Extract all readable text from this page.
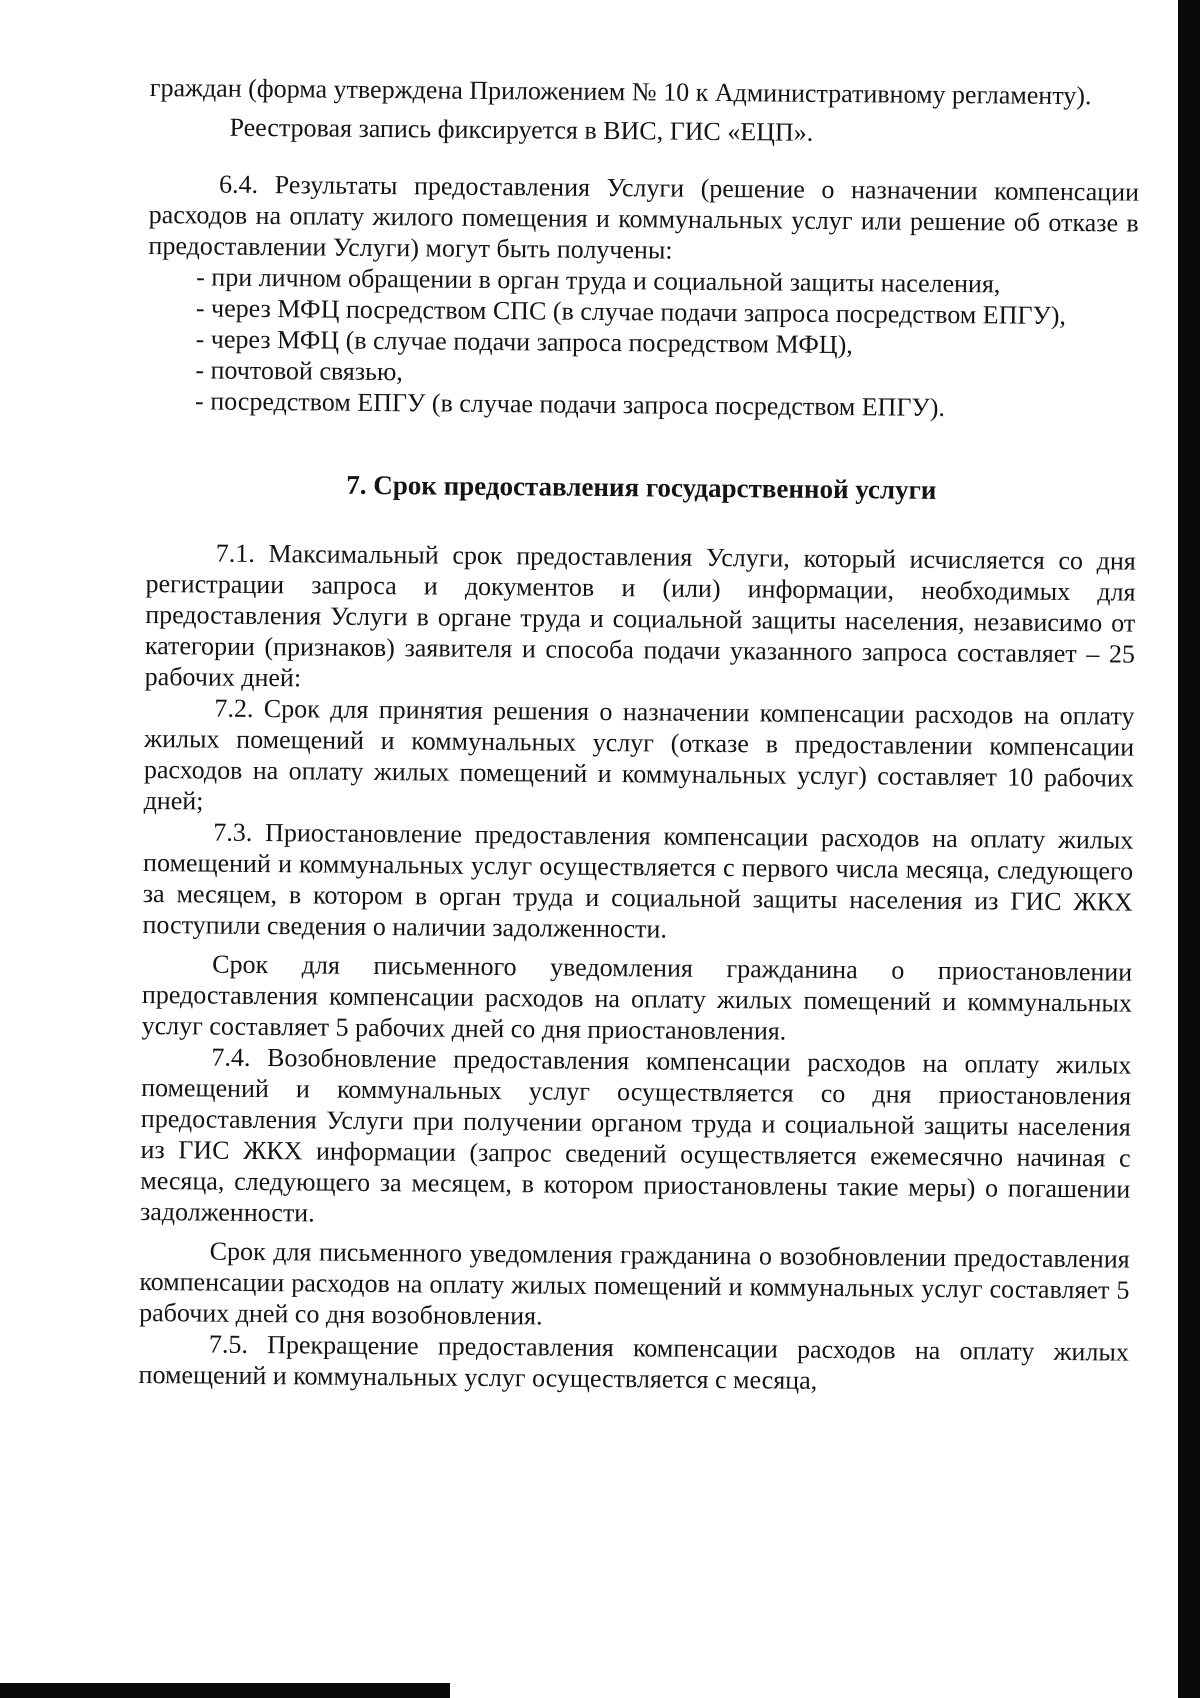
граждан (форма утверждена Приложением № 10 к Административному регламенту).

Реестровая запись фиксируется в ВИС, ГИС «ЕЦП».

6.4. Результаты предоставления Услуги (решение о назначении компенсации расходов на оплату жилого помещения и коммунальных услуг или решение об отказе в предоставлении Услуги) могут быть получены:

- при личном обращении в орган труда и социальной защиты населения,

- через МФЦ посредством СПС (в случае подачи запроса посредством ЕПГУ),

- через МФЦ (в случае подачи запроса посредством МФЦ),

- почтовой связью,

- посредством ЕПГУ (в случае подачи запроса посредством ЕПГУ).

7. Срок предоставления государственной услуги

7.1. Максимальный срок предоставления Услуги, который исчисляется со дня регистрации запроса и документов и (или) информации, необходимых для предоставления Услуги в органе труда и социальной защиты населения, независимо от категории (признаков) заявителя и способа подачи указанного запроса составляет – 25 рабочих дней:

7.2. Срок для принятия решения о назначении компенсации расходов на оплату жилых помещений и коммунальных услуг (отказе в предоставлении компенсации расходов на оплату жилых помещений и коммунальных услуг) составляет 10 рабочих дней;

7.3. Приостановление предоставления компенсации расходов на оплату жилых помещений и коммунальных услуг осуществляется с первого числа месяца, следующего за месяцем, в котором в орган труда и социальной защиты населения из ГИС ЖКХ поступили сведения о наличии задолженности.

Срок для письменного уведомления гражданина о приостановлении предоставления компенсации расходов на оплату жилых помещений и коммунальных услуг составляет 5 рабочих дней со дня приостановления.

7.4. Возобновление предоставления компенсации расходов на оплату жилых помещений и коммунальных услуг осуществляется со дня приостановления предоставления Услуги при получении органом труда и социальной защиты населения из ГИС ЖКХ информации (запрос сведений осуществляется ежемесячно начиная с месяца, следующего за месяцем, в котором приостановлены такие меры) о погашении задолженности.

Срок для письменного уведомления гражданина о возобновлении предоставления компенсации расходов на оплату жилых помещений и коммунальных услуг составляет 5 рабочих дней со дня возобновления.

7.5. Прекращение предоставления компенсации расходов на оплату жилых помещений и коммунальных услуг осуществляется с месяца,
